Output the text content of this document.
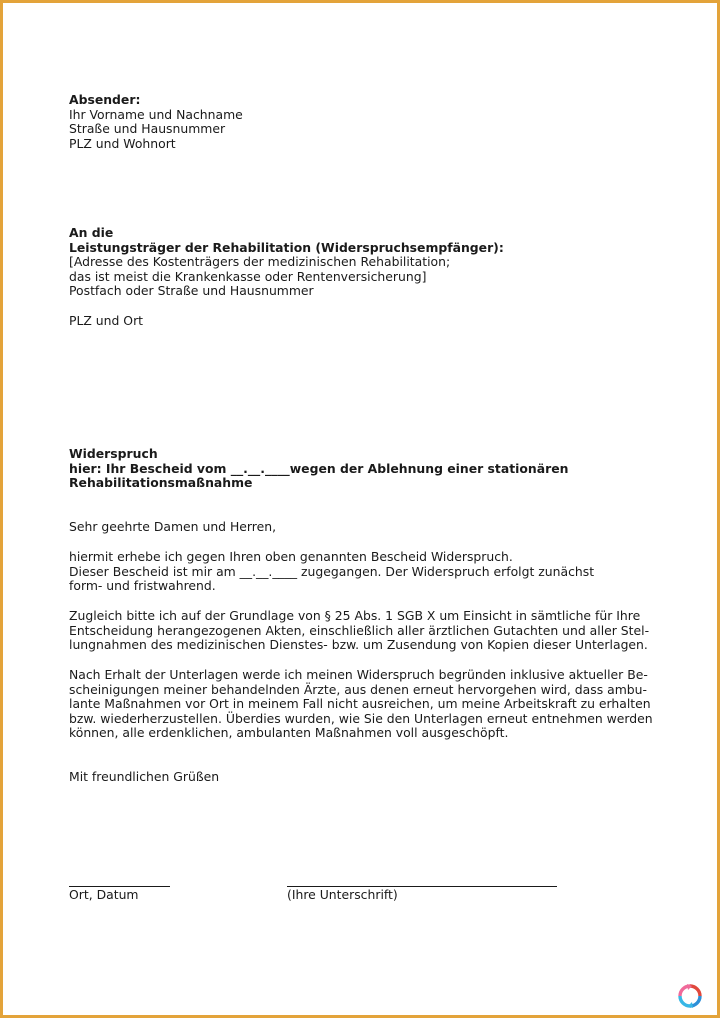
Absender:
Ihr Vorname und Nachname
Straße und Hausnummer
PLZ und Wohnort
An die
Leistungsträger der Rehabilitation (Widerspruchsempfänger):
[Adresse des Kostenträgers der medizinischen Rehabilitation;
das ist meist die Krankenkasse oder Rentenversicherung]
Postfach oder Straße und Hausnummer
PLZ und Ort
Widerspruch
hier: Ihr Bescheid vom __.__.____wegen der Ablehnung einer stationären
Rehabilitationsmaßnahme
Sehr geehrte Damen und Herren,
hiermit erhebe ich gegen Ihren oben genannten Bescheid Widerspruch.
Dieser Bescheid ist mir am __.__.____ zugegangen. Der Widerspruch erfolgt zunächst
form- und fristwahrend.
Zugleich bitte ich auf der Grundlage von § 25 Abs. 1 SGB X um Einsicht in sämtliche für Ihre
Entscheidung herangezogenen Akten, einschließlich aller ärztlichen Gutachten und aller Stel-
lungnahmen des medizinischen Dienstes- bzw. um Zusendung von Kopien dieser Unterlagen.
Nach Erhalt der Unterlagen werde ich meinen Widerspruch begründen inklusive aktueller Be-
scheinigungen meiner behandelnden Ärzte, aus denen erneut hervorgehen wird, dass ambu-
lante Maßnahmen vor Ort in meinem Fall nicht ausreichen, um meine Arbeitskraft zu erhalten
bzw. wiederherzustellen. Überdies wurden, wie Sie den Unterlagen erneut entnehmen werden
können, alle erdenklichen, ambulanten Maßnahmen voll ausgeschöpft.
Mit freundlichen Grüßen
Ort, Datum	(Ihre Unterschrift)
